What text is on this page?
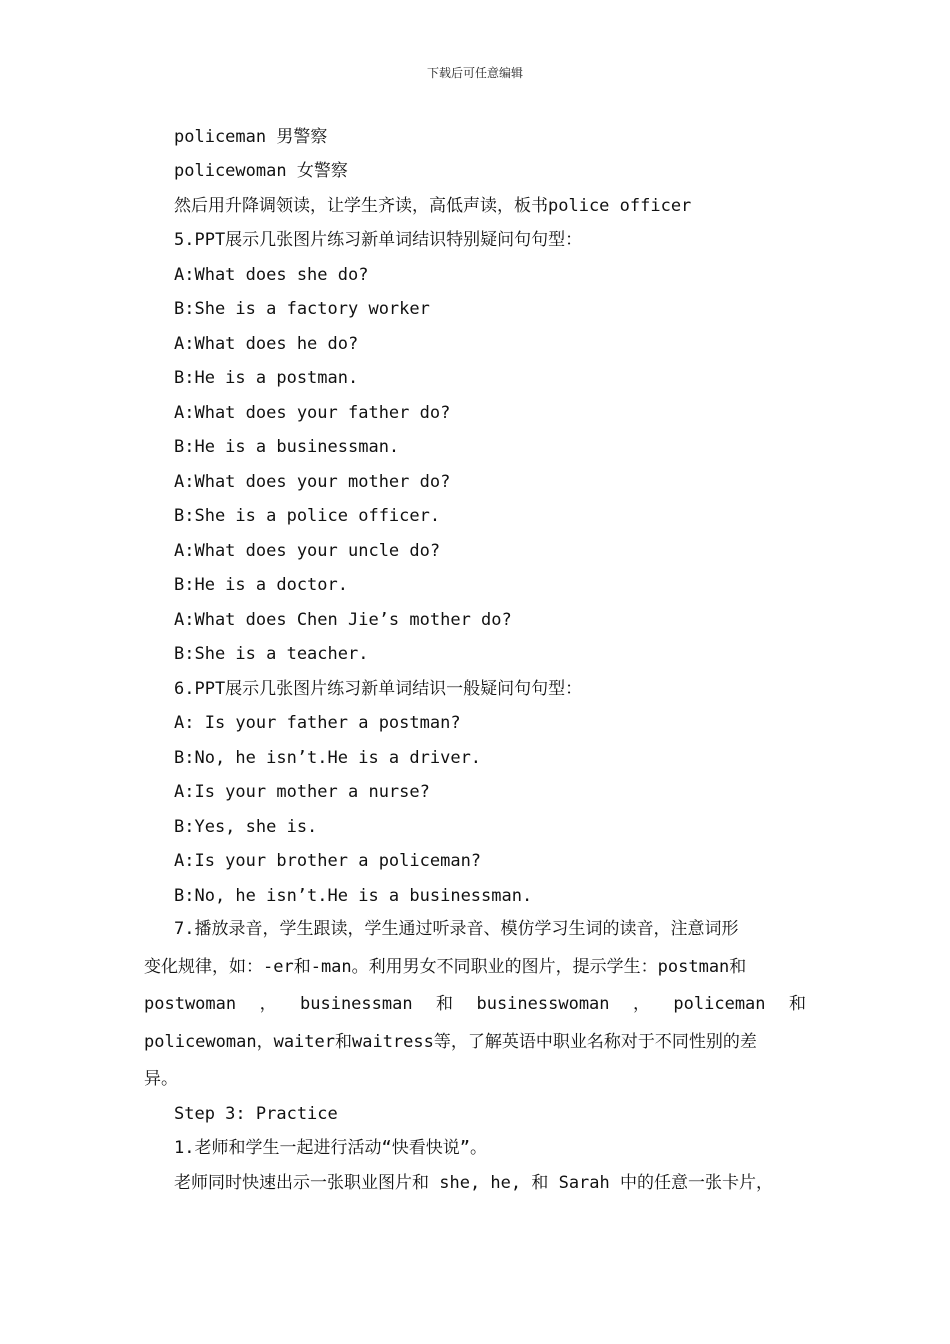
下载后可任意编辑
policeman 男警察
policewoman 女警察
然后用升降调领读，让学生齐读，高低声读，板书police officer
5.PPT展示几张图片练习新单词结识特别疑问句句型：
A:What does she do?
B:She is a factory worker
A:What does he do?
B:He is a postman.
A:What does your father do?
B:He is a businessman.
A:What does your mother do?
B:She is a police officer.
A:What does your uncle do?
B:He is a doctor.
A:What does Chen Jie’s mother do?
B:She is a teacher.
6.PPT展示几张图片练习新单词结识一般疑问句句型：
A: Is your father a postman?
B:No, he isn’t.He is a driver.
A:Is your mother a nurse?
B:Yes, she is.
A:Is your brother a policeman?
B:No, he isn’t.He is a businessman.
7.播放录音，学生跟读，学生通过听录音、模仿学习生词的读音，注意词形
变化规律，如：-er和-man。利用男女不同职业的图片，提示学生：postman和
postwoman ， businessman 和 businesswoman ， policeman 和
policewoman，waiter和waitress等，了解英语中职业名称对于不同性别的差
异。
Step 3: Practice
1.老师和学生一起进行活动“快看快说”。
老师同时快速出示一张职业图片和 she, he, 和 Sarah 中的任意一张卡片，
